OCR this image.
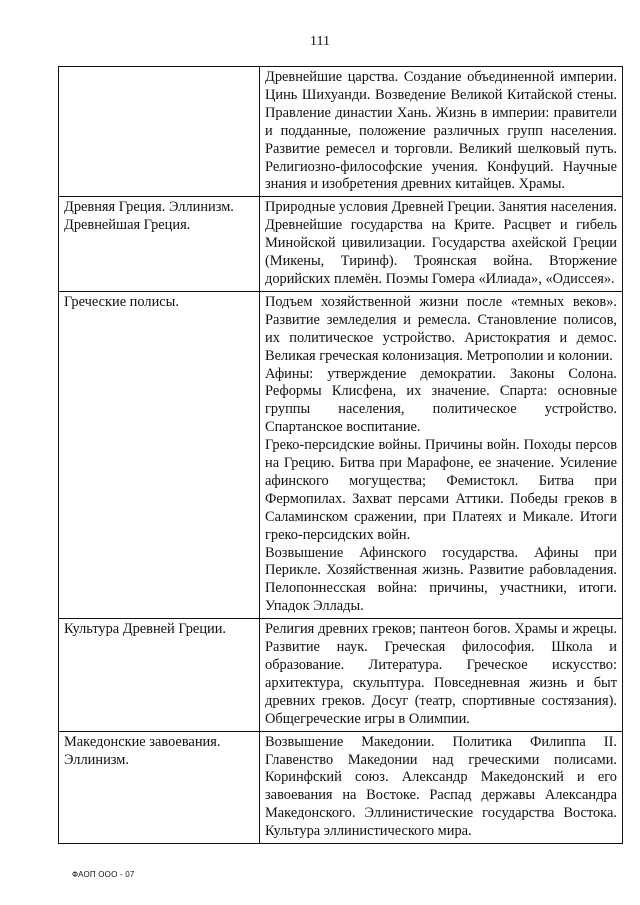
111

	Древнейшие царства. Создание объединенной империи. Цинь Шихуанди. Возведение Великой Китайской стены. Правление династии Хань. Жизнь в империи: правители и подданные, положение различных групп населения. Развитие ремесел и торговли. Великий шелковый путь. Религиозно-философские учения. Конфуций. Научные знания и изобретения древних китайцев. Храмы.

Древняя Греция. Эллинизм. Древнейшая Греция.	Природные условия Древней Греции. Занятия населения. Древнейшие государства на Крите. Расцвет и гибель Минойской цивилизации. Государства ахейской Греции (Микены, Тиринф). Троянская война. Вторжение дорийских племён. Поэмы Гомера «Илиада», «Одиссея».

Греческие полисы.	Подъем хозяйственной жизни после «темных веков». Развитие земледелия и ремесла. Становление полисов, их политическое устройство. Аристократия и демос. Великая греческая колонизация. Метрополии и колонии.

Афины: утверждение демократии. Законы Солона. Реформы Клисфена, их значение. Спарта: основные группы населения, политическое устройство. Спартанское воспитание.

Греко-персидские войны. Причины войн. Походы персов на Грецию. Битва при Марафоне, ее значение. Усиление афинского могущества; Фемистокл. Битва при Фермопилах. Захват персами Аттики. Победы греков в Саламинском сражении, при Платеях и Микале. Итоги греко-персидских войн.

Возвышение Афинского государства. Афины при Перикле. Хозяйственная жизнь. Развитие рабовладения. Пелопоннесская война: причины, участники, итоги. Упадок Эллады.

Культура Древней Греции.	Религия древних греков; пантеон богов. Храмы и жрецы. Развитие наук. Греческая философия. Школа и образование. Литература. Греческое искусство: архитектура, скульптура. Повседневная жизнь и быт древних греков. Досуг (театр, спортивные состязания). Общегреческие игры в Олимпии.

Македонские завоевания. Эллинизм.	Возвышение Македонии. Политика Филиппа II. Главенство Македонии над греческими полисами. Коринфский союз. Александр Македонский и его завоевания на Востоке. Распад державы Александра Македонского. Эллинистические государства Востока. Культура эллинистического мира.

ФАОП ООО - 07
